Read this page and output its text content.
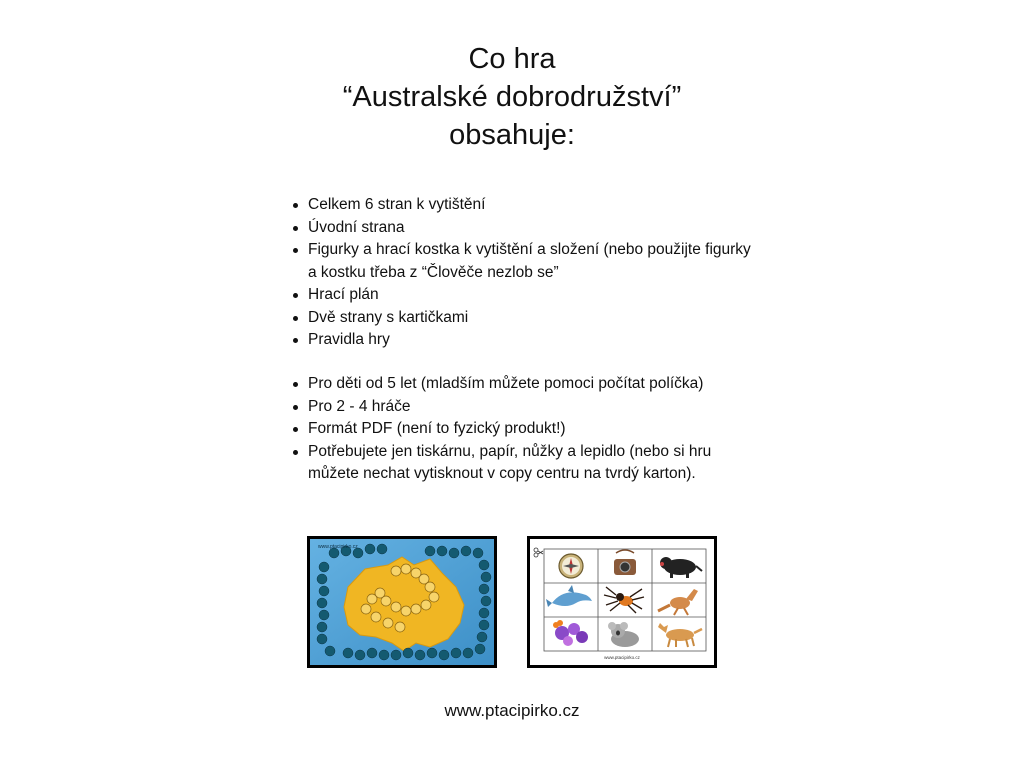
Co hra
“Australské dobrodružství”
obsahuje:
Celkem 6 stran k vytištění
Úvodní strana
Figurky a hrací kostka k vytištění a složení (nebo použijte figurky a kostku třeba z “Člověče nezlob se”
Hrací plán
Dvě strany s kartičkami
Pravidla hry
Pro děti od 5 let (mladším můžete pomoci počítat políčka)
Pro 2 - 4 hráče
Formát PDF (není to fyzický produkt!)
Potřebujete jen tiskárnu, papír, nůžky a lepidlo (nebo si hru můžete nechat vytisknout v copy centru na tvrdý karton).
www.ptacipirko.cz
www.ptacipirko.cz
www.ptacipirko.cz
